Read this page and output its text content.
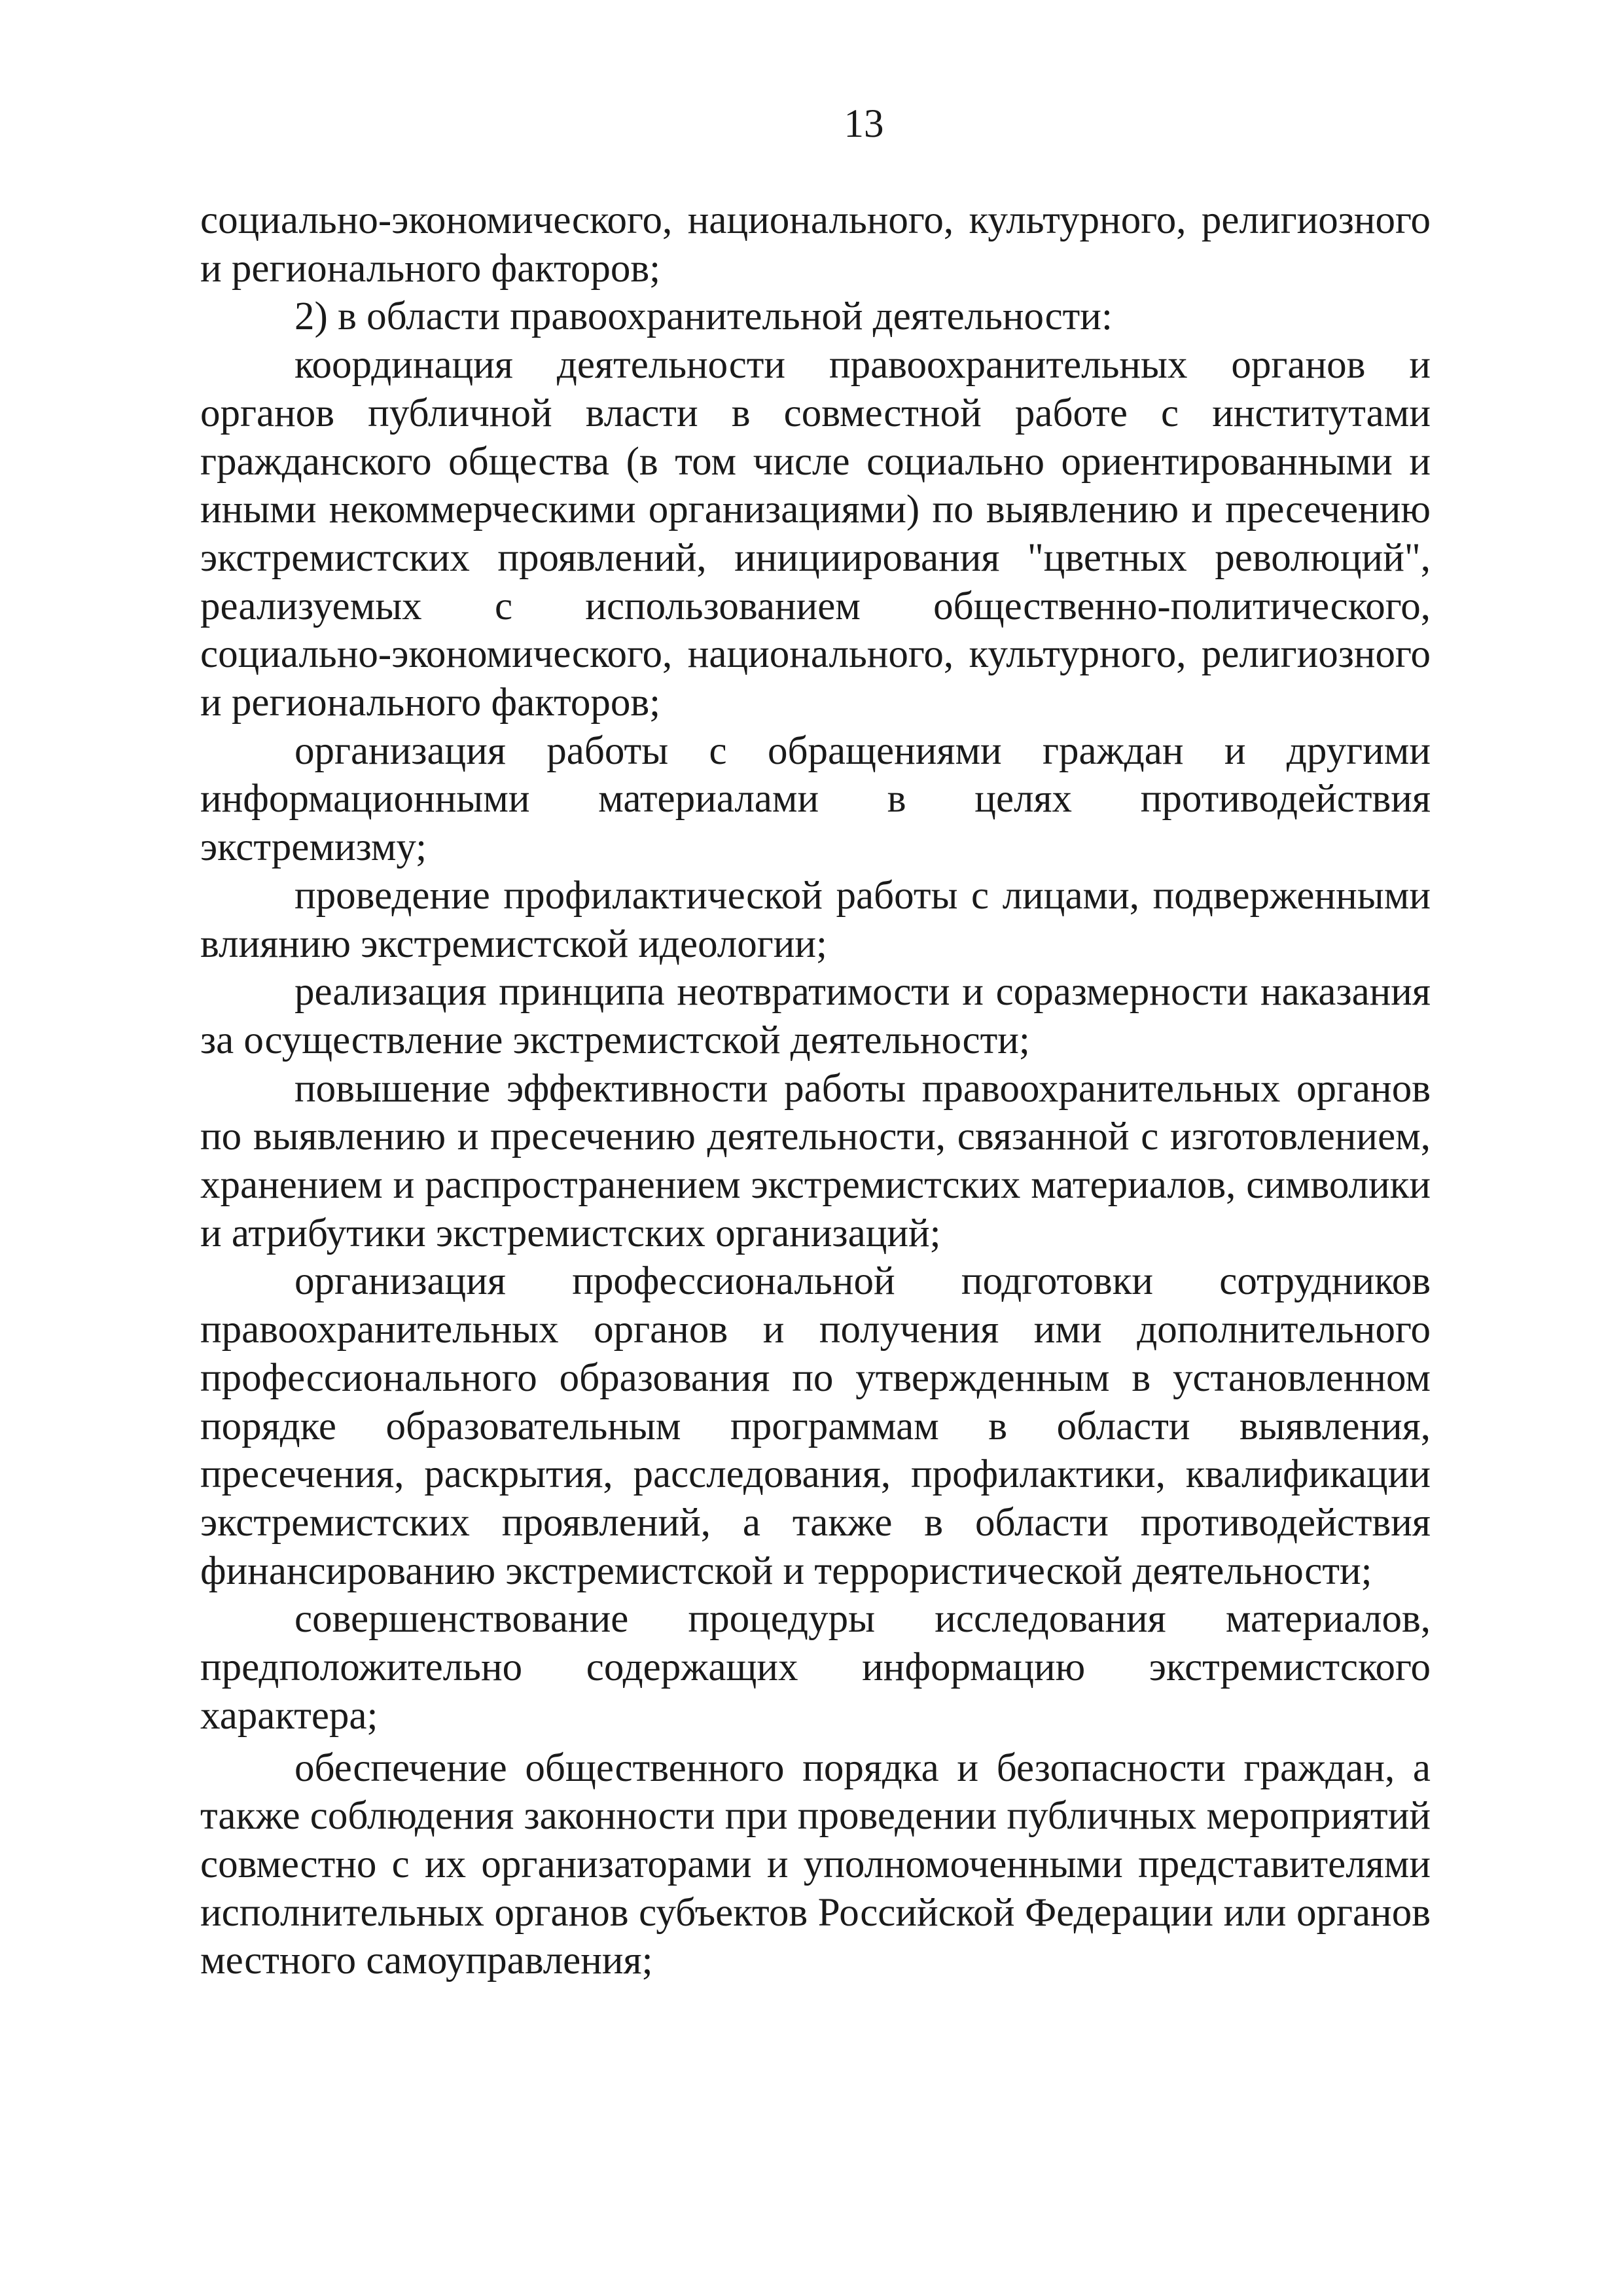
13

социально-экономического, национального, культурного, религиозного и регионального факторов;

2) в области правоохранительной деятельности:

координация деятельности правоохранительных органов и органов публичной власти в совместной работе с институтами гражданского общества (в том числе социально ориентированными и иными некоммерческими организациями) по выявлению и пресечению экстремистских проявлений, инициирования "цветных революций", реализуемых с использованием общественно-политического, социально-экономического, национального, культурного, религиозного и регионального факторов;

организация работы с обращениями граждан и другими информационными материалами в целях противодействия экстремизму;

проведение профилактической работы с лицами, подверженными влиянию экстремистской идеологии;

реализация принципа неотвратимости и соразмерности наказания за осуществление экстремистской деятельности;

повышение эффективности работы правоохранительных органов по выявлению и пресечению деятельности, связанной с изготовлением, хранением и распространением экстремистских материалов, символики и атрибутики экстремистских организаций;

организация профессиональной подготовки сотрудников правоохранительных органов и получения ими дополнительного профессионального образования по утвержденным в установленном порядке образовательным программам в области выявления, пресечения, раскрытия, расследования, профилактики, квалификации экстремистских проявлений, а также в области противодействия финансированию экстремистской и террористической деятельности;

совершенствование процедуры исследования материалов, предположительно содержащих информацию экстремистского характера;

обеспечение общественного порядка и безопасности граждан, а также соблюдения законности при проведении публичных мероприятий совместно с их организаторами и уполномоченными представителями исполнительных органов субъектов Российской Федерации или органов местного самоуправления;
